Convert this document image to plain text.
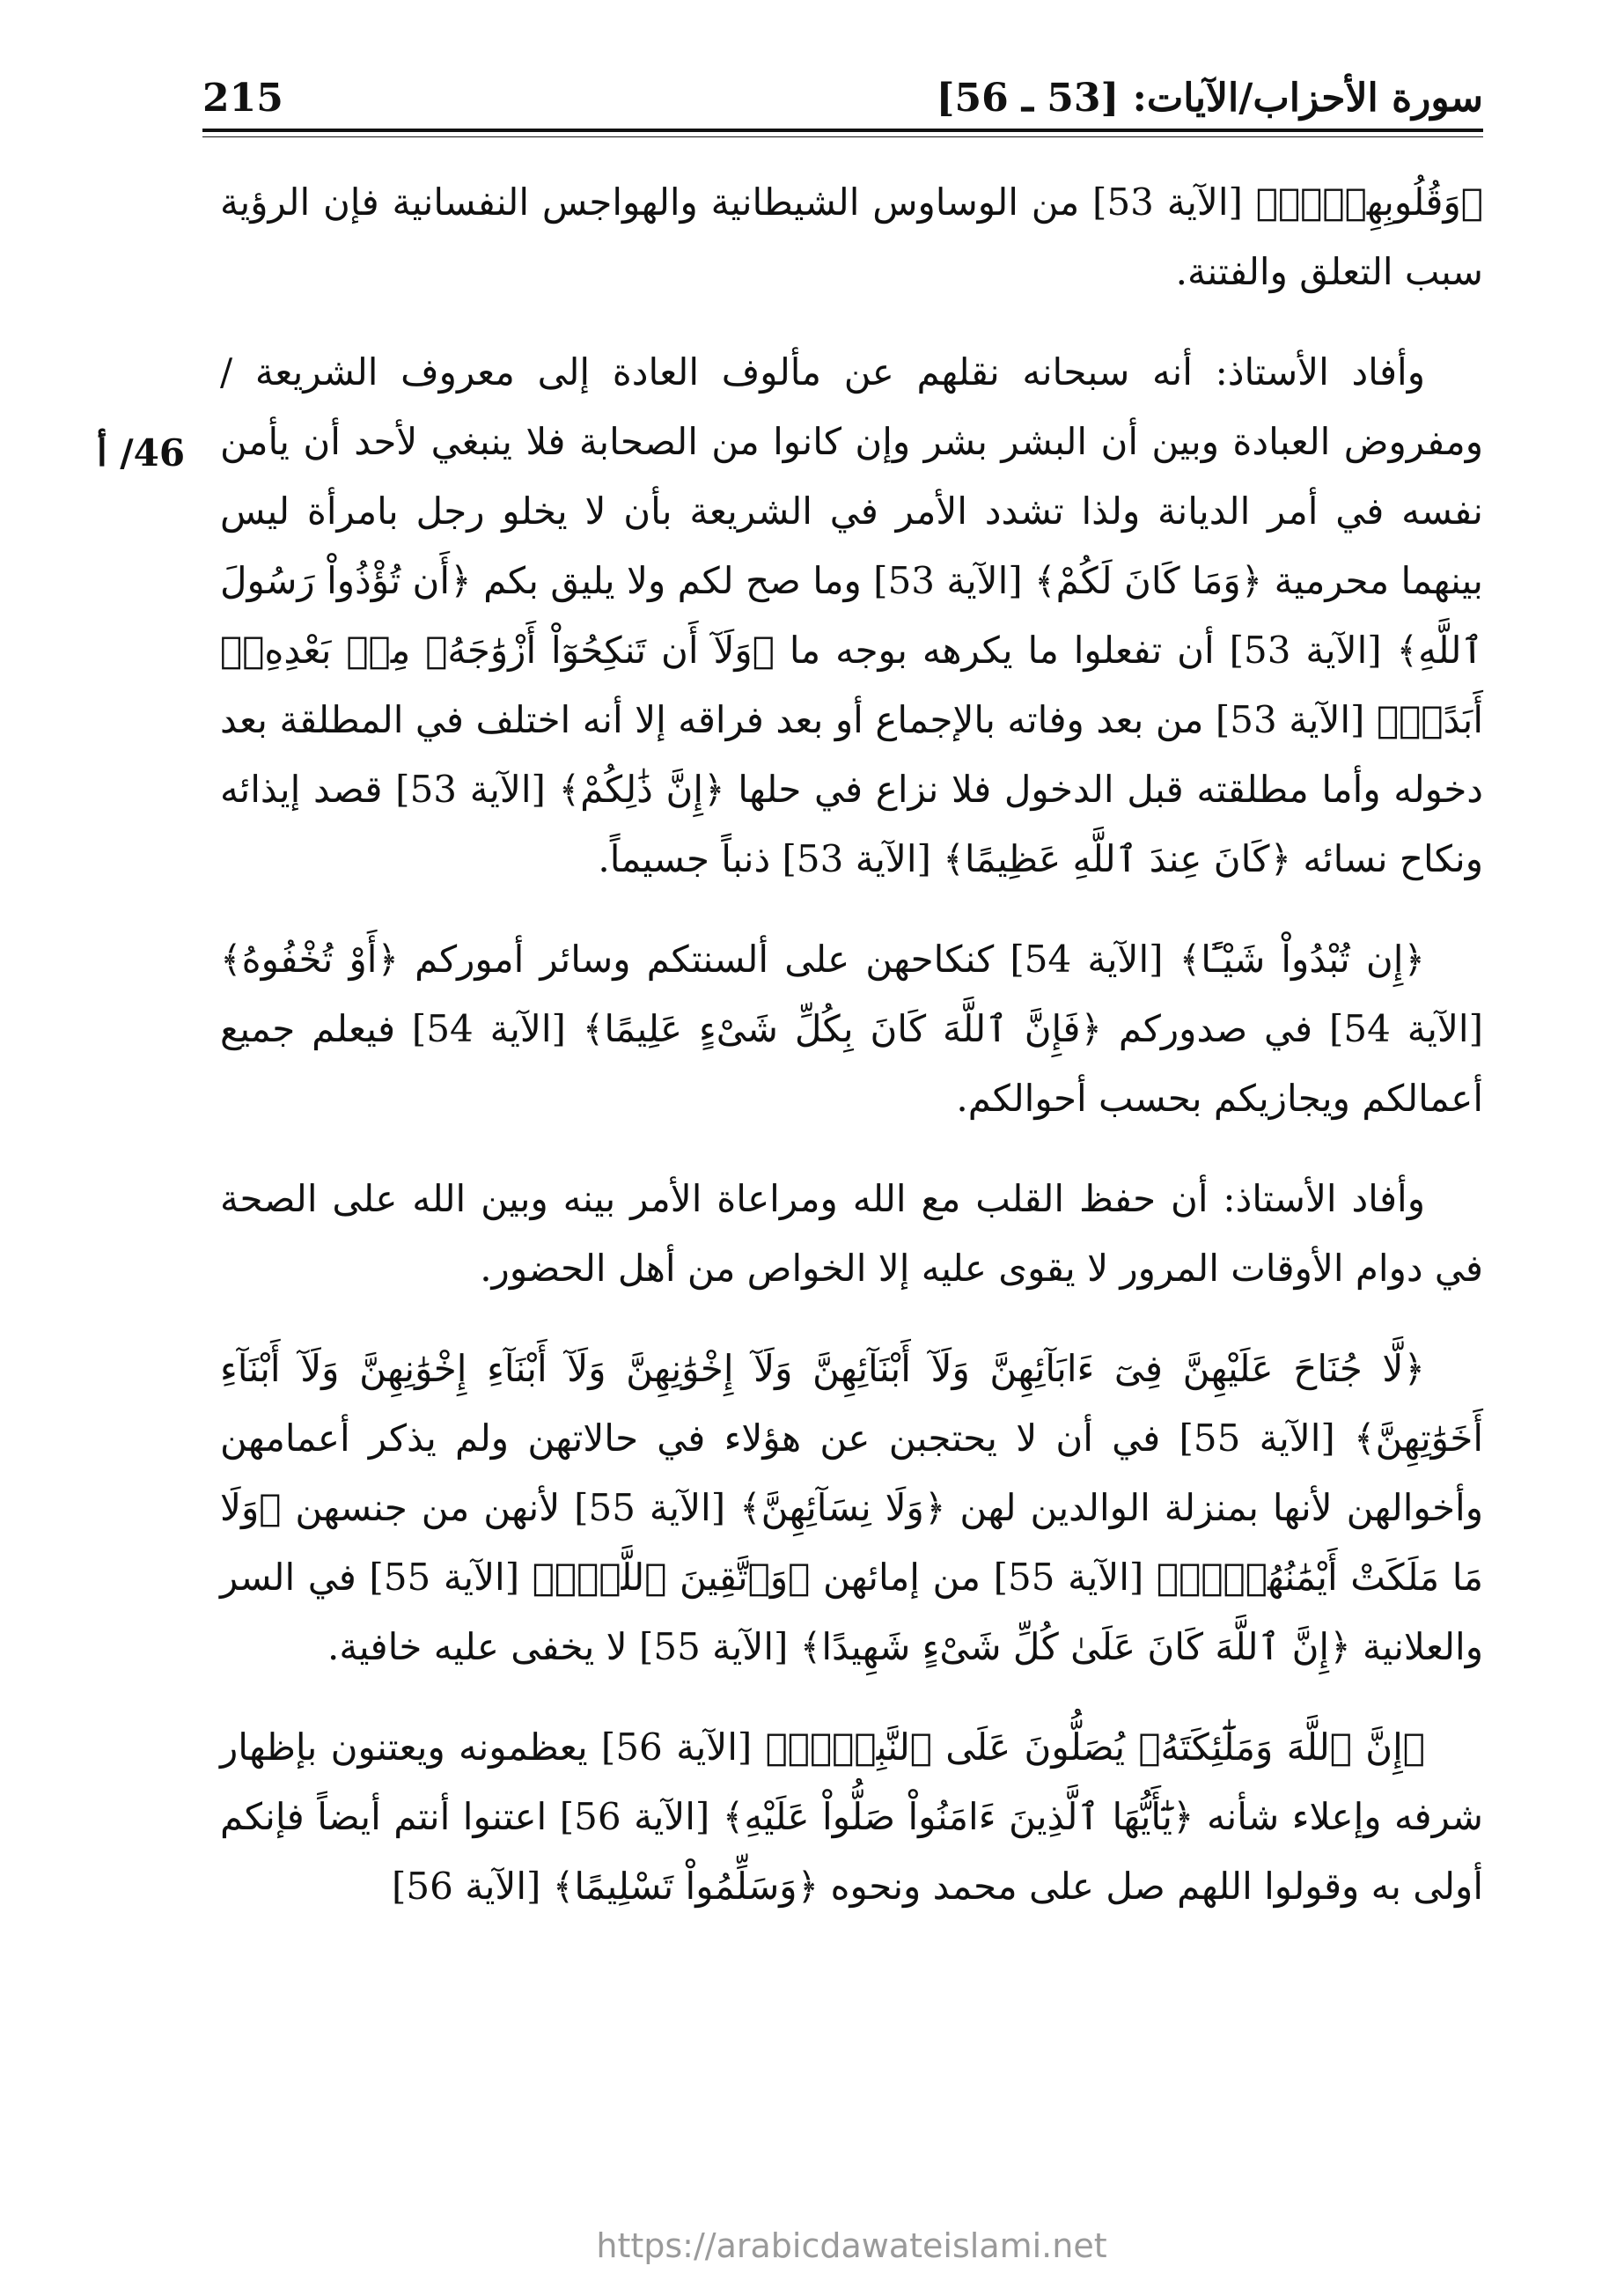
سورة الأحزاب/الآيات: [53 ـ 56]
215
46/ أ

﴿وَقُلُوبِهِنَّۚ﴾ [الآية 53] من الوساوس الشيطانية والهواجس النفسانية فإن الرؤية سبب التعلق والفتنة.

وأفاد الأستاذ: أنه سبحانه نقلهم عن مألوف العادة إلى معروف الشريعة / ومفروض العبادة وبين أن البشر بشر وإن كانوا من الصحابة فلا ينبغي لأحد أن يأمن نفسه في أمر الديانة ولذا تشدد الأمر في الشريعة بأن لا يخلو رجل بامرأة ليس بينهما محرمية ﴿وَمَا كَانَ لَكُمْ﴾ [الآية 53] وما صح لكم ولا يليق بكم ﴿أَن تُؤْذُواْ رَسُولَ ٱللَّهِ﴾ [الآية 53] أن تفعلوا ما يكرهه بوجه ما ﴿وَلَآ أَن تَنكِحُوٓاْ أَزْوَٰجَهُۥ مِنۢ بَعْدِهِۦٓ أَبَدًاۚ﴾ [الآية 53] من بعد وفاته بالإجماع أو بعد فراقه إلا أنه اختلف في المطلقة بعد دخوله وأما مطلقته قبل الدخول فلا نزاع في حلها ﴿إِنَّ ذَٰلِكُمْ﴾ [الآية 53] قصد إيذائه ونكاح نسائه ﴿كَانَ عِندَ ٱللَّهِ عَظِيمًا﴾ [الآية 53] ذنباً جسيماً.

﴿إِن تُبْدُواْ شَيْـًٔا﴾ [الآية 54] كنكاحهن على ألسنتكم وسائر أموركم ﴿أَوْ تُخْفُوهُ﴾ [الآية 54] في صدوركم ﴿فَإِنَّ ٱللَّهَ كَانَ بِكُلِّ شَىْءٍ عَلِيمًا﴾ [الآية 54] فيعلم جميع أعمالكم ويجازيكم بحسب أحوالكم.

وأفاد الأستاذ: أن حفظ القلب مع الله ومراعاة الأمر بينه وبين الله على الصحة في دوام الأوقات المرور لا يقوى عليه إلا الخواص من أهل الحضور.

﴿لَّا جُنَاحَ عَلَيْهِنَّ فِىٓ ءَابَآئِهِنَّ وَلَآ أَبْنَآئِهِنَّ وَلَآ إِخْوَٰنِهِنَّ وَلَآ أَبْنَآءِ إِخْوَٰنِهِنَّ وَلَآ أَبْنَآءِ أَخَوَٰتِهِنَّ﴾ [الآية 55] في أن لا يحتجبن عن هؤلاء في حالاتهن ولم يذكر أعمامهن وأخوالهن لأنها بمنزلة الوالدين لهن ﴿وَلَا نِسَآئِهِنَّ﴾ [الآية 55] لأنهن من جنسهن ﴿وَلَا مَا مَلَكَتْ أَيْمَٰنُهُنَّۗ﴾ [الآية 55] من إمائهن ﴿وَٱتَّقِينَ ٱللَّهَۚ﴾ [الآية 55] في السر والعلانية ﴿إِنَّ ٱللَّهَ كَانَ عَلَىٰ كُلِّ شَىْءٍ شَهِيدًا﴾ [الآية 55] لا يخفى عليه خافية.

﴿إِنَّ ٱللَّهَ وَمَلَٰٓئِكَتَهُۥ يُصَلُّونَ عَلَى ٱلنَّبِىِّۚ﴾ [الآية 56] يعظمونه ويعتنون بإظهار شرفه وإعلاء شأنه ﴿يَٰٓأَيُّهَا ٱلَّذِينَ ءَامَنُواْ صَلُّواْ عَلَيْهِ﴾ [الآية 56] اعتنوا أنتم أيضاً فإنكم أولى به وقولوا اللهم صل على محمد ونحوه ﴿وَسَلِّمُواْ تَسْلِيمًا﴾ [الآية 56]

https://arabicdawateislami.net
